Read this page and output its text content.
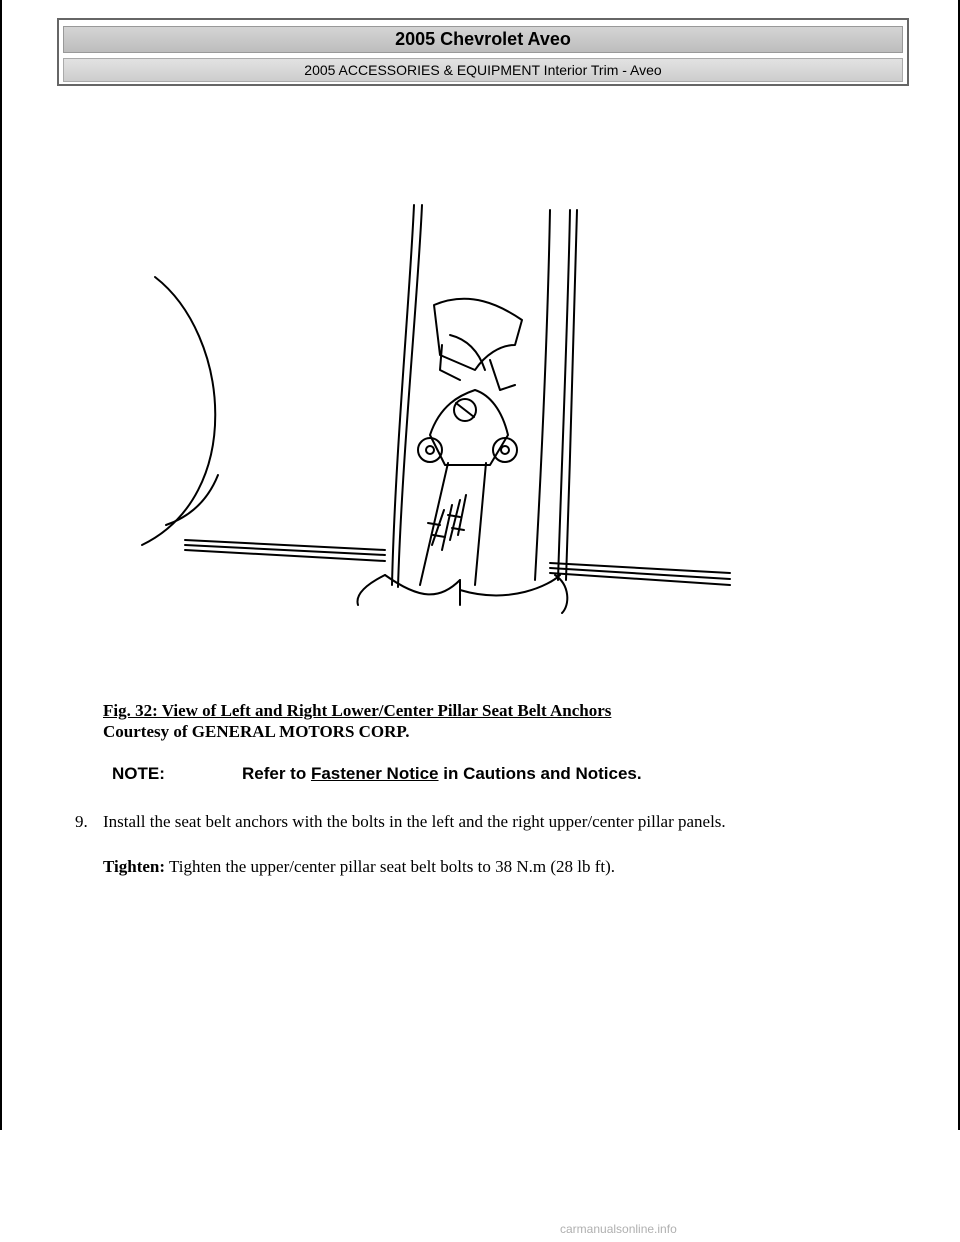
2005 Chevrolet Aveo
2005 ACCESSORIES & EQUIPMENT Interior Trim - Aveo
Fig. 32: View of Left and Right Lower/Center Pillar Seat Belt Anchors
Courtesy of GENERAL MOTORS CORP.
NOTE:	Refer to Fastener Notice in Cautions and Notices.
9. Install the seat belt anchors with the bolts in the left and the right upper/center pillar panels.
Tighten: Tighten the upper/center pillar seat belt bolts to 38 N.m (28 lb ft).
carmanualsonline.info
